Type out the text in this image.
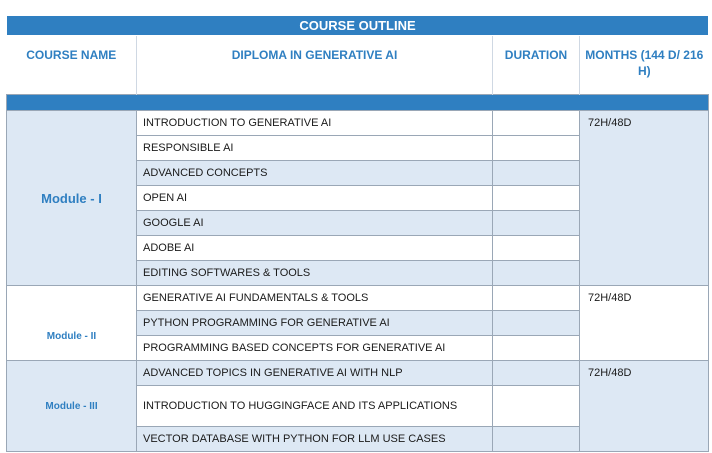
COURSE OUTLINE			
COURSE NAME	DIPLOMA IN GENERATIVE AI	DURATION	MONTHS (144 D/ 216 H)

Module - I	INTRODUCTION TO GENERATIVE AI		72H/48D
	RESPONSIBLE AI		
	ADVANCED CONCEPTS		
	OPEN AI		
	GOOGLE AI		
	ADOBE AI		
	EDITING SOFTWARES & TOOLS		
Module - II	GENERATIVE AI FUNDAMENTALS & TOOLS		72H/48D
	PYTHON PROGRAMMING FOR GENERATIVE AI		
	PROGRAMMING BASED CONCEPTS FOR GENERATIVE AI		
Module - III	ADVANCED TOPICS IN GENERATIVE AI WITH NLP		72H/48D
	INTRODUCTION TO HUGGINGFACE AND ITS APPLICATIONS		
	VECTOR DATABASE WITH PYTHON FOR LLM USE CASES		
